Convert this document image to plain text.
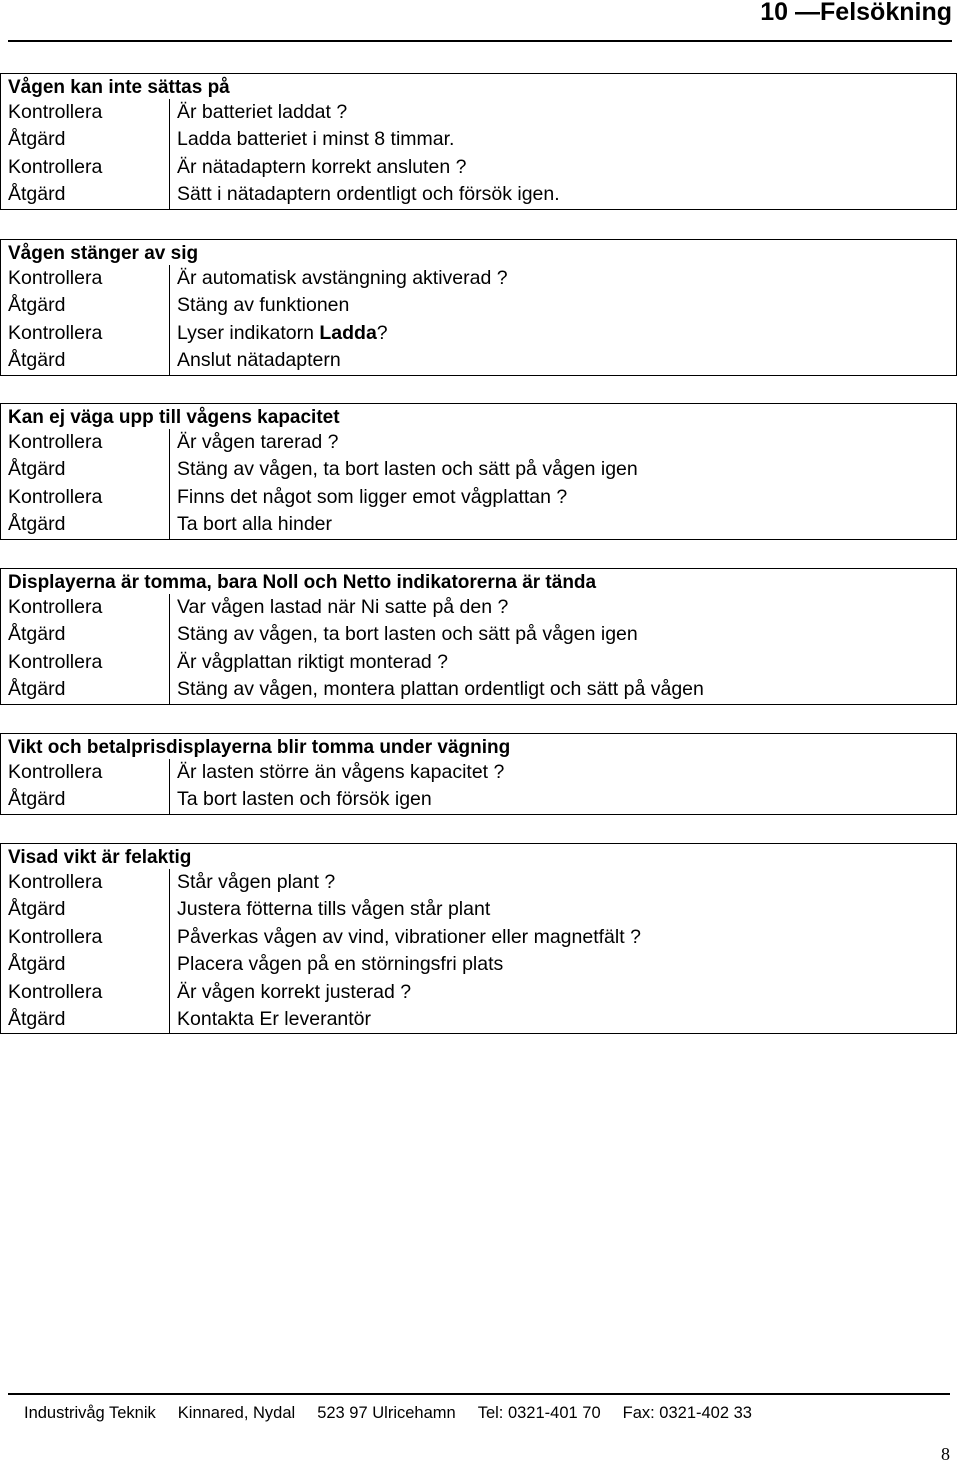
10 —Felsökning
Vågen kan inte sättas på
Kontrollera	Är batteriet laddat ?
Åtgärd	Ladda batteriet i minst 8 timmar.
Kontrollera	Är nätadaptern korrekt ansluten ?
Åtgärd	Sätt i nätadaptern ordentligt och försök igen.
Vågen stänger av sig
Kontrollera	Är automatisk avstängning aktiverad ?
Åtgärd	Stäng av funktionen
Kontrollera	Lyser indikatorn Ladda?
Åtgärd	Anslut nätadaptern
Kan ej väga upp till vågens kapacitet
Kontrollera	Är vågen tarerad ?
Åtgärd	Stäng av vågen, ta bort lasten och sätt på vågen igen
Kontrollera	Finns det något som ligger emot vågplattan ?
Åtgärd	Ta bort alla hinder
Displayerna är tomma, bara Noll och Netto indikatorerna är tända
Kontrollera	Var vågen lastad när Ni satte på den ?
Åtgärd	Stäng av vågen, ta bort lasten och sätt på vågen igen
Kontrollera	Är vågplattan riktigt monterad ?
Åtgärd	Stäng av vågen, montera plattan ordentligt och sätt på vågen
Vikt och betalprisdisplayerna blir tomma under vägning
Kontrollera	Är lasten större än vågens kapacitet ?
Åtgärd	Ta bort lasten och försök igen
Visad vikt är felaktig
Kontrollera	Står vågen plant ?
Åtgärd	Justera fötterna tills vågen står plant
Kontrollera	Påverkas vågen av vind, vibrationer eller magnetfält ?
Åtgärd	Placera vågen på en störningsfri plats
Kontrollera	Är vågen korrekt justerad ?
Åtgärd	Kontakta Er leverantör
Industrivåg Teknik Kinnared, Nydal 523 97 Ulricehamn Tel: 0321-401 70 Fax: 0321-402 33
8
